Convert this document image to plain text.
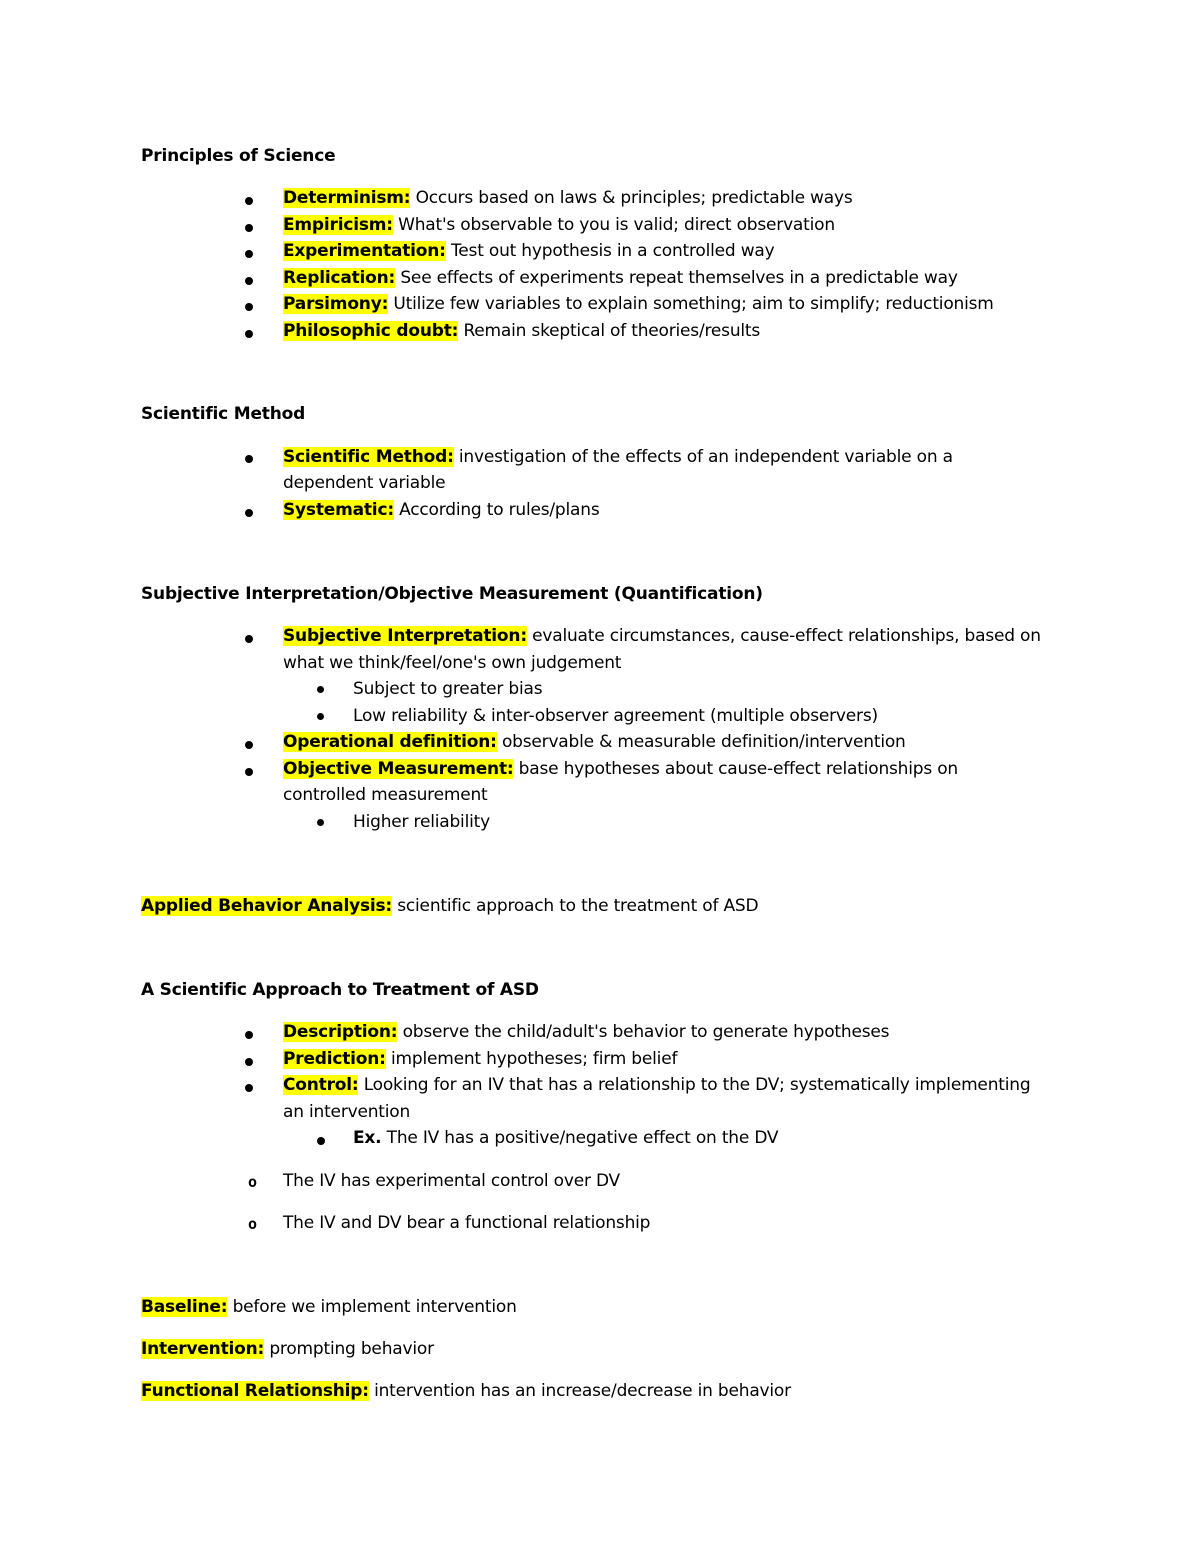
Principles of Science
Determinism: Occurs based on laws & principles; predictable ways
Empiricism: What's observable to you is valid; direct observation
Experimentation: Test out hypothesis in a controlled way
Replication: See effects of experiments repeat themselves in a predictable way
Parsimony: Utilize few variables to explain something; aim to simplify; reductionism
Philosophic doubt: Remain skeptical of theories/results
Scientific Method
Scientific Method: investigation of the effects of an independent variable on a
dependent variable
Systematic: According to rules/plans
Subjective Interpretation/Objective Measurement (Quantification)
Subjective Interpretation: evaluate circumstances, cause-effect relationships, based on
what we think/feel/one's own judgement
Subject to greater bias
Low reliability & inter-observer agreement (multiple observers)
Operational definition: observable & measurable definition/intervention
Objective Measurement: base hypotheses about cause-effect relationships on
controlled measurement
Higher reliability
Applied Behavior Analysis: scientific approach to the treatment of ASD
A Scientific Approach to Treatment of ASD
Description: observe the child/adult's behavior to generate hypotheses
Prediction: implement hypotheses; firm belief
Control: Looking for an IV that has a relationship to the DV; systematically implementing
an intervention
Ex. The IV has a positive/negative effect on the DV
o The IV has experimental control over DV
o The IV and DV bear a functional relationship
Baseline: before we implement intervention
Intervention: prompting behavior
Functional Relationship: intervention has an increase/decrease in behavior
